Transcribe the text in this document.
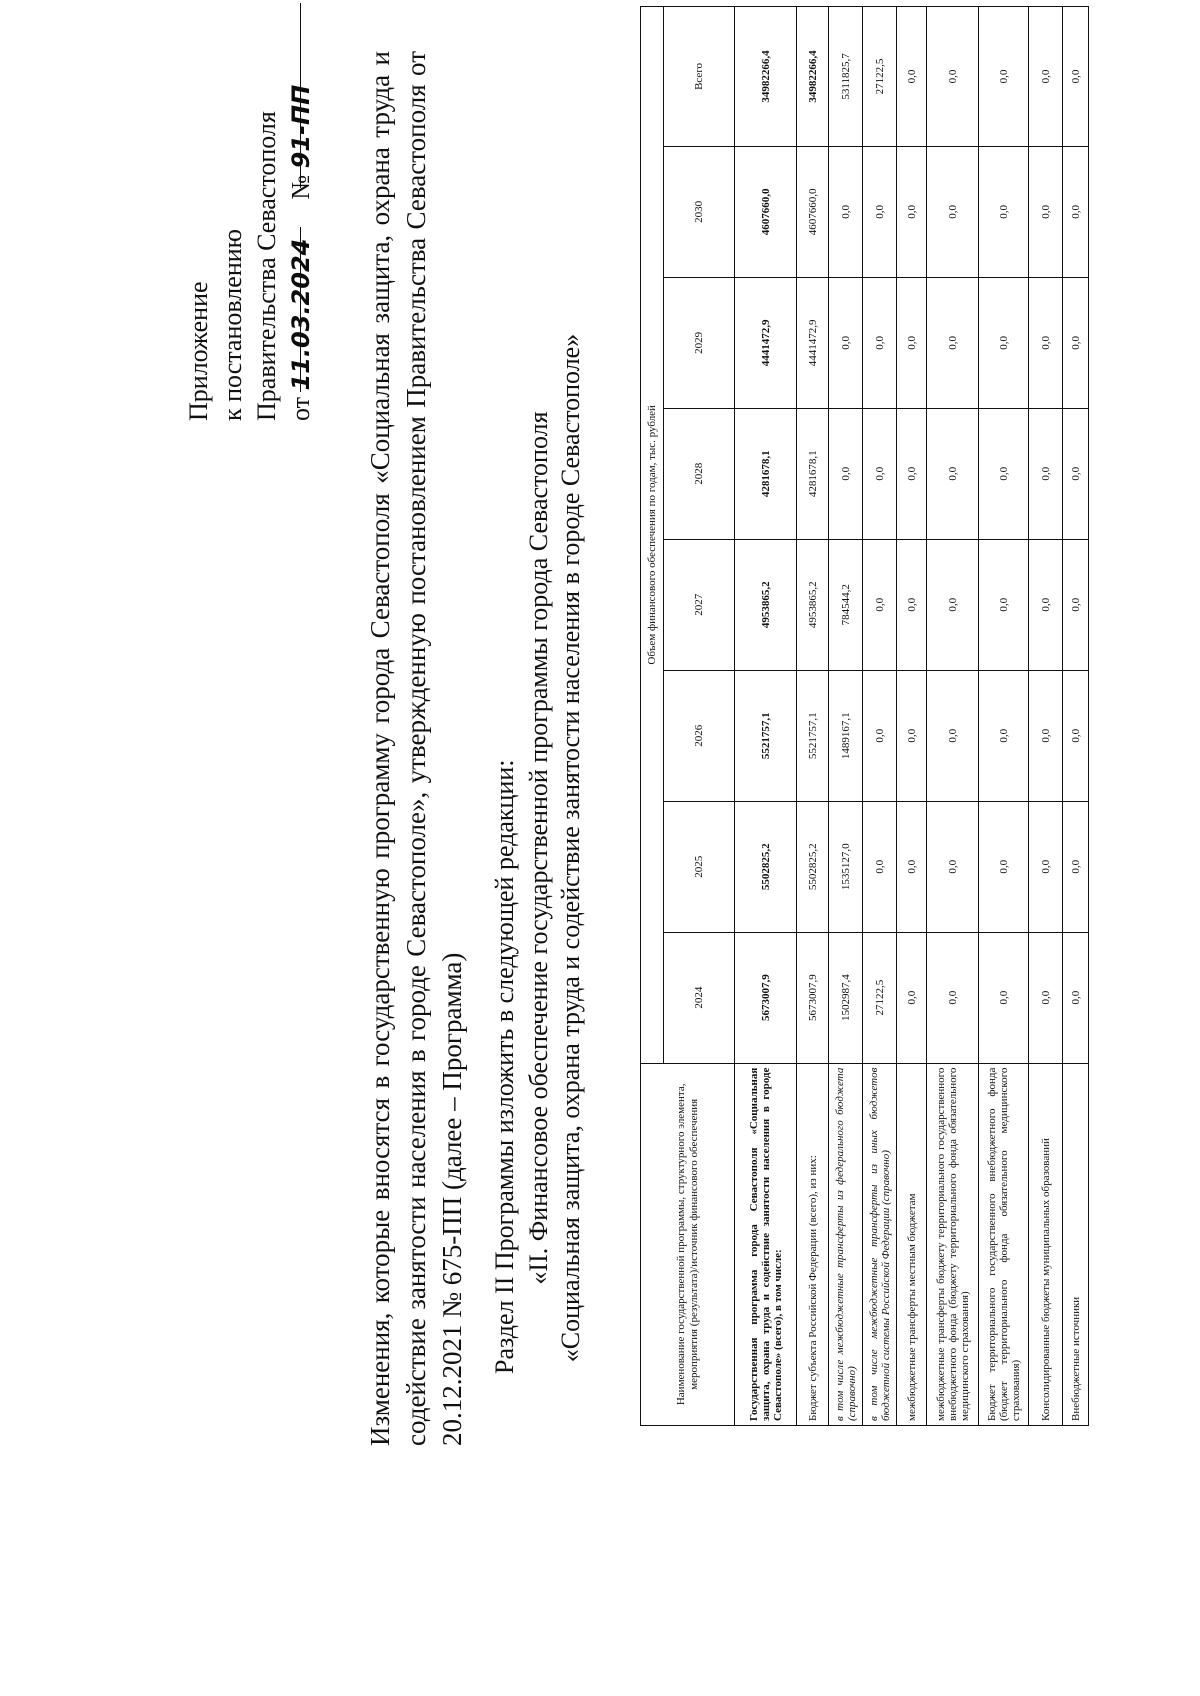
Приложение к постановлению Правительства Севастополя от 11.03.2024      № 91-ПП Изменения, которые вносятся в государственную программу города Севастополя «Социальная защита, охрана труда и содействие занятости населения в городе Севастополе», утвержденную постановлением Правительства Севастополя от 20.12.2021 № 675-ПП (далее – Программа) Раздел II Программы изложить в следующей редакции: «II. Финансовое обеспечение государственной программы города Севастополя «Социальная защита, охрана труда и содействие занятости населения в городе Севастополе»	Наименование государственной программы, структурного элемента, мероприятия (результата)/источник финансового обеспечения	Объем финансового обеспечения по годам, тыс. рублей							
	2024	2025	2026	2027	2028	2029	2030	Всего
Государственная программа города Севастополя «Социальная защита, охрана труда и содействие занятости населения в городе Севастополе» (всего), в том числе:	5673007,9	5502825,2	5521757,1	4953865,2	4281678,1	4441472,9	4607660,0	34982266,4
Бюджет субъекта Российской Федерации (всего), из них:	5673007,9	5502825,2	5521757,1	4953865,2	4281678,1	4441472,9	4607660,0	34982266,4
в том числе межбюджетные трансферты из федерального бюджета (справочно)	1502987,4	1535127,0	1489167,1	784544,2	0,0	0,0	0,0	5311825,7
в том числе межбюджетные трансферты из иных бюджетов бюджетной системы Российской Федерации (справочно)	27122,5	0,0	0,0	0,0	0,0	0,0	0,0	27122,5
межбюджетные трансферты местным бюджетам	0,0	0,0	0,0	0,0	0,0	0,0	0,0	0,0
межбюджетные трансферты бюджету территориального государственного внебюджетного фонда (бюджету территориального фонда обязательного медицинского страхования)	0,0	0,0	0,0	0,0	0,0	0,0	0,0	0,0
Бюджет территориального государственного внебюджетного фонда (бюджет территориального фонда обязательного медицинского страхования)	0,0	0,0	0,0	0,0	0,0	0,0	0,0	0,0
Консолидированные бюджеты муниципальных образований	0,0	0,0	0,0	0,0	0,0	0,0	0,0	0,0
Внебюджетные источники	0,0	0,0	0,0	0,0	0,0	0,0	0,0	0,0
